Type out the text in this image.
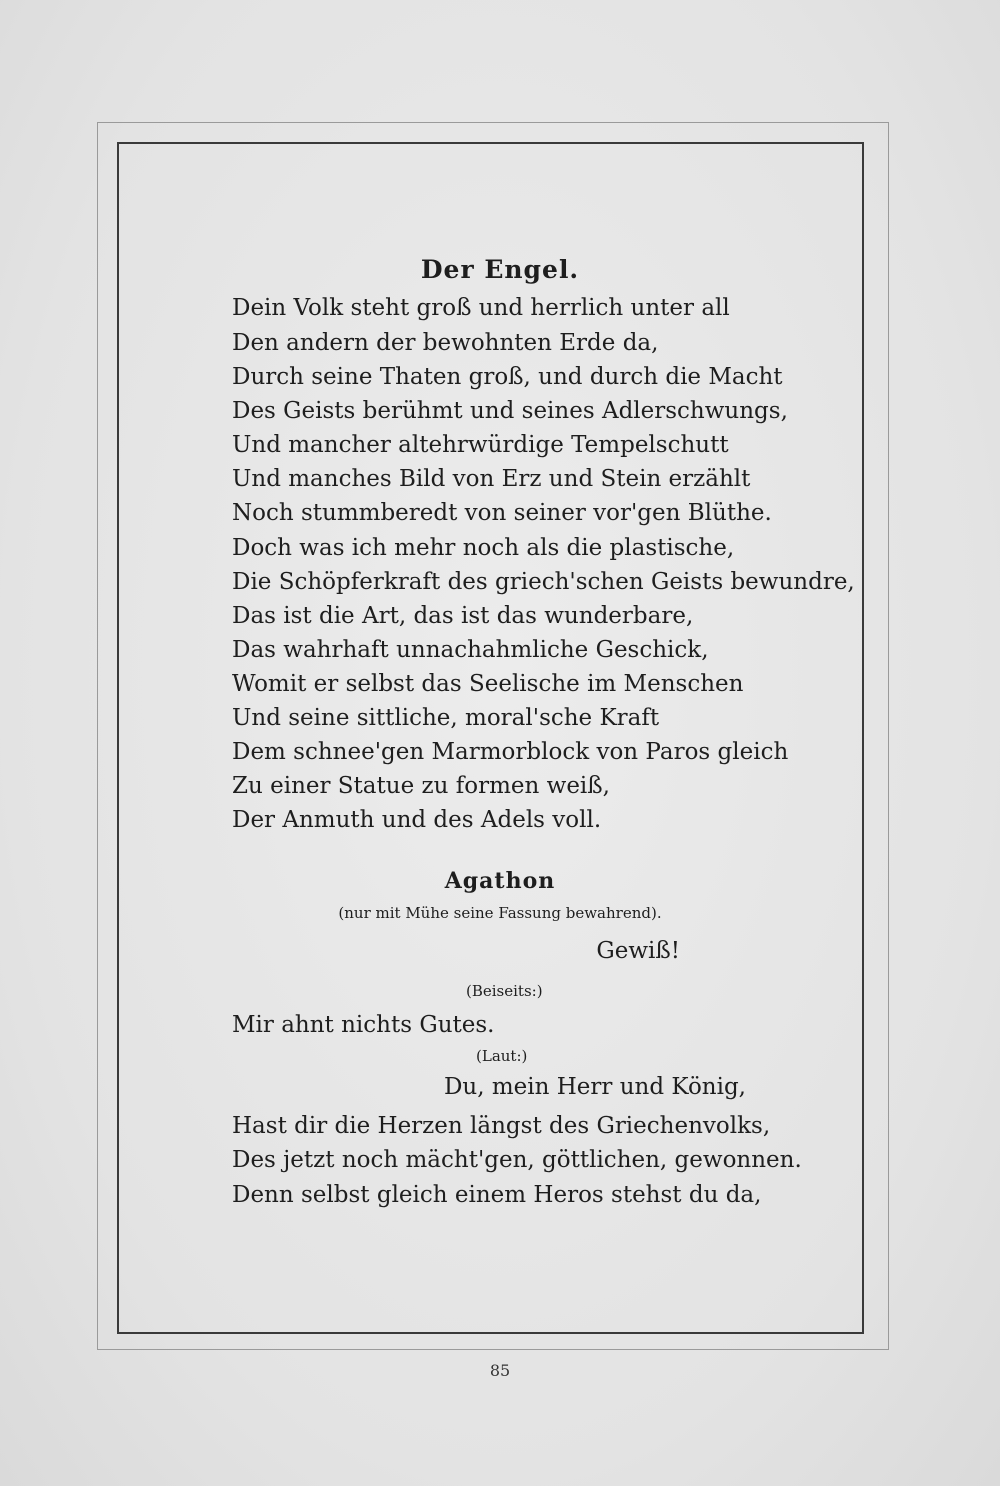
Der Engel.
Dein Volk steht groß und herrlich unter all
Den andern der bewohnten Erde da,
Durch seine Thaten groß, und durch die Macht
Des Geists berühmt und seines Adlerschwungs,
Und mancher altehrwürdige Tempelschutt
Und manches Bild von Erz und Stein erzählt
Noch stummberedt von seiner vor'gen Blüthe.
Doch was ich mehr noch als die plastische,
Die Schöpferkraft des griech'schen Geists bewundre,
Das ist die Art, das ist das wunderbare,
Das wahrhaft unnachahmliche Geschick,
Womit er selbst das Seelische im Menschen
Und seine sittliche, moral'sche Kraft
Dem schnee'gen Marmorblock von Paros gleich
Zu einer Statue zu formen weiß,
Der Anmuth und des Adels voll.
Agathon
(nur mit Mühe seine Fassung bewahrend).
Gewiß!
(Beiseits:)
Mir ahnt nichts Gutes.
(Laut:)
Du, mein Herr und König,
Hast dir die Herzen längst des Griechenvolks,
Des jetzt noch mächt'gen, göttlichen, gewonnen.
Denn selbst gleich einem Heros stehst du da,
85
